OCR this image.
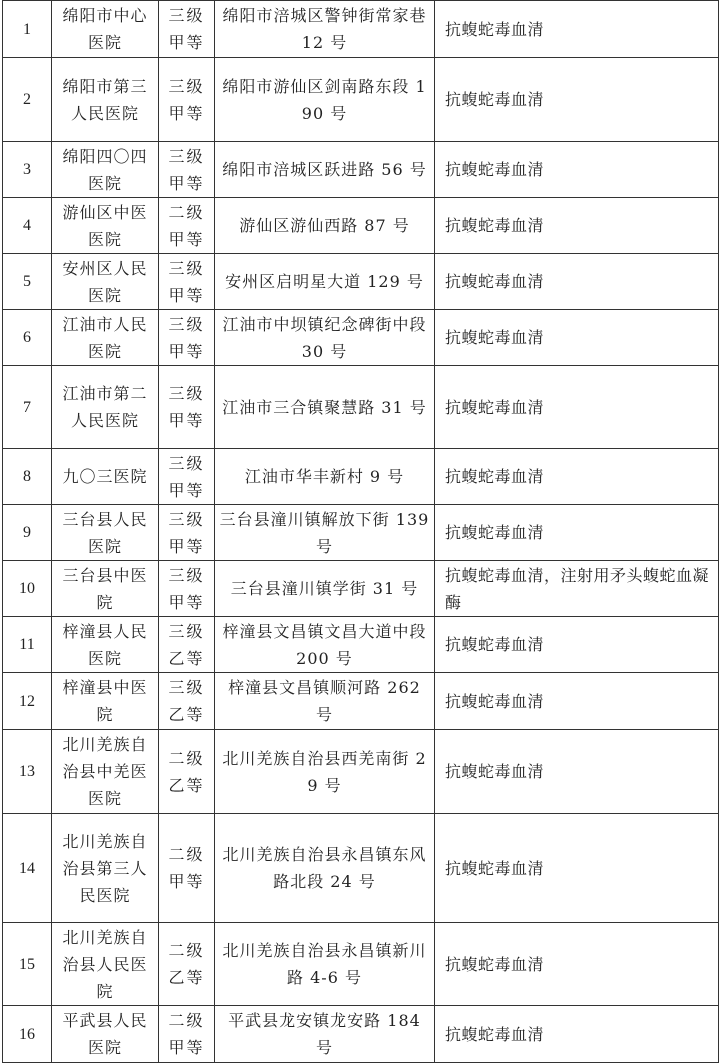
1	绵阳市中心医院	三级甲等	绵阳市涪城区警钟街常家巷 12 号	抗蝮蛇毒血清
2	绵阳市第三人民医院	三级甲等	绵阳市游仙区剑南路东段 190 号	抗蝮蛇毒血清
3	绵阳四〇四医院	三级甲等	绵阳市涪城区跃进路 56 号	抗蝮蛇毒血清
4	游仙区中医医院	二级甲等	游仙区游仙西路 87 号	抗蝮蛇毒血清
5	安州区人民医院	三级甲等	安州区启明星大道 129 号	抗蝮蛇毒血清
6	江油市人民医院	三级甲等	江油市中坝镇纪念碑街中段 30 号	抗蝮蛇毒血清
7	江油市第二人民医院	三级甲等	江油市三合镇聚慧路 31 号	抗蝮蛇毒血清
8	九〇三医院	三级甲等	江油市华丰新村 9 号	抗蝮蛇毒血清
9	三台县人民医院	三级甲等	三台县潼川镇解放下街 139 号	抗蝮蛇毒血清
10	三台县中医院	三级甲等	三台县潼川镇学街 31 号	抗蝮蛇毒血清，注射用矛头蝮蛇血凝酶
11	梓潼县人民医院	三级乙等	梓潼县文昌镇文昌大道中段 200 号	抗蝮蛇毒血清
12	梓潼县中医院	三级乙等	梓潼县文昌镇顺河路 262 号	抗蝮蛇毒血清
13	北川羌族自治县中羌医医院	二级乙等	北川羌族自治县西羌南街 29 号	抗蝮蛇毒血清
14	北川羌族自治县第三人民医院	二级甲等	北川羌族自治县永昌镇东风路北段 24 号	抗蝮蛇毒血清
15	北川羌族自治县人民医院	二级乙等	北川羌族自治县永昌镇新川路 4-6 号	抗蝮蛇毒血清
16	平武县人民医院	二级甲等	平武县龙安镇龙安路 184 号	抗蝮蛇毒血清
